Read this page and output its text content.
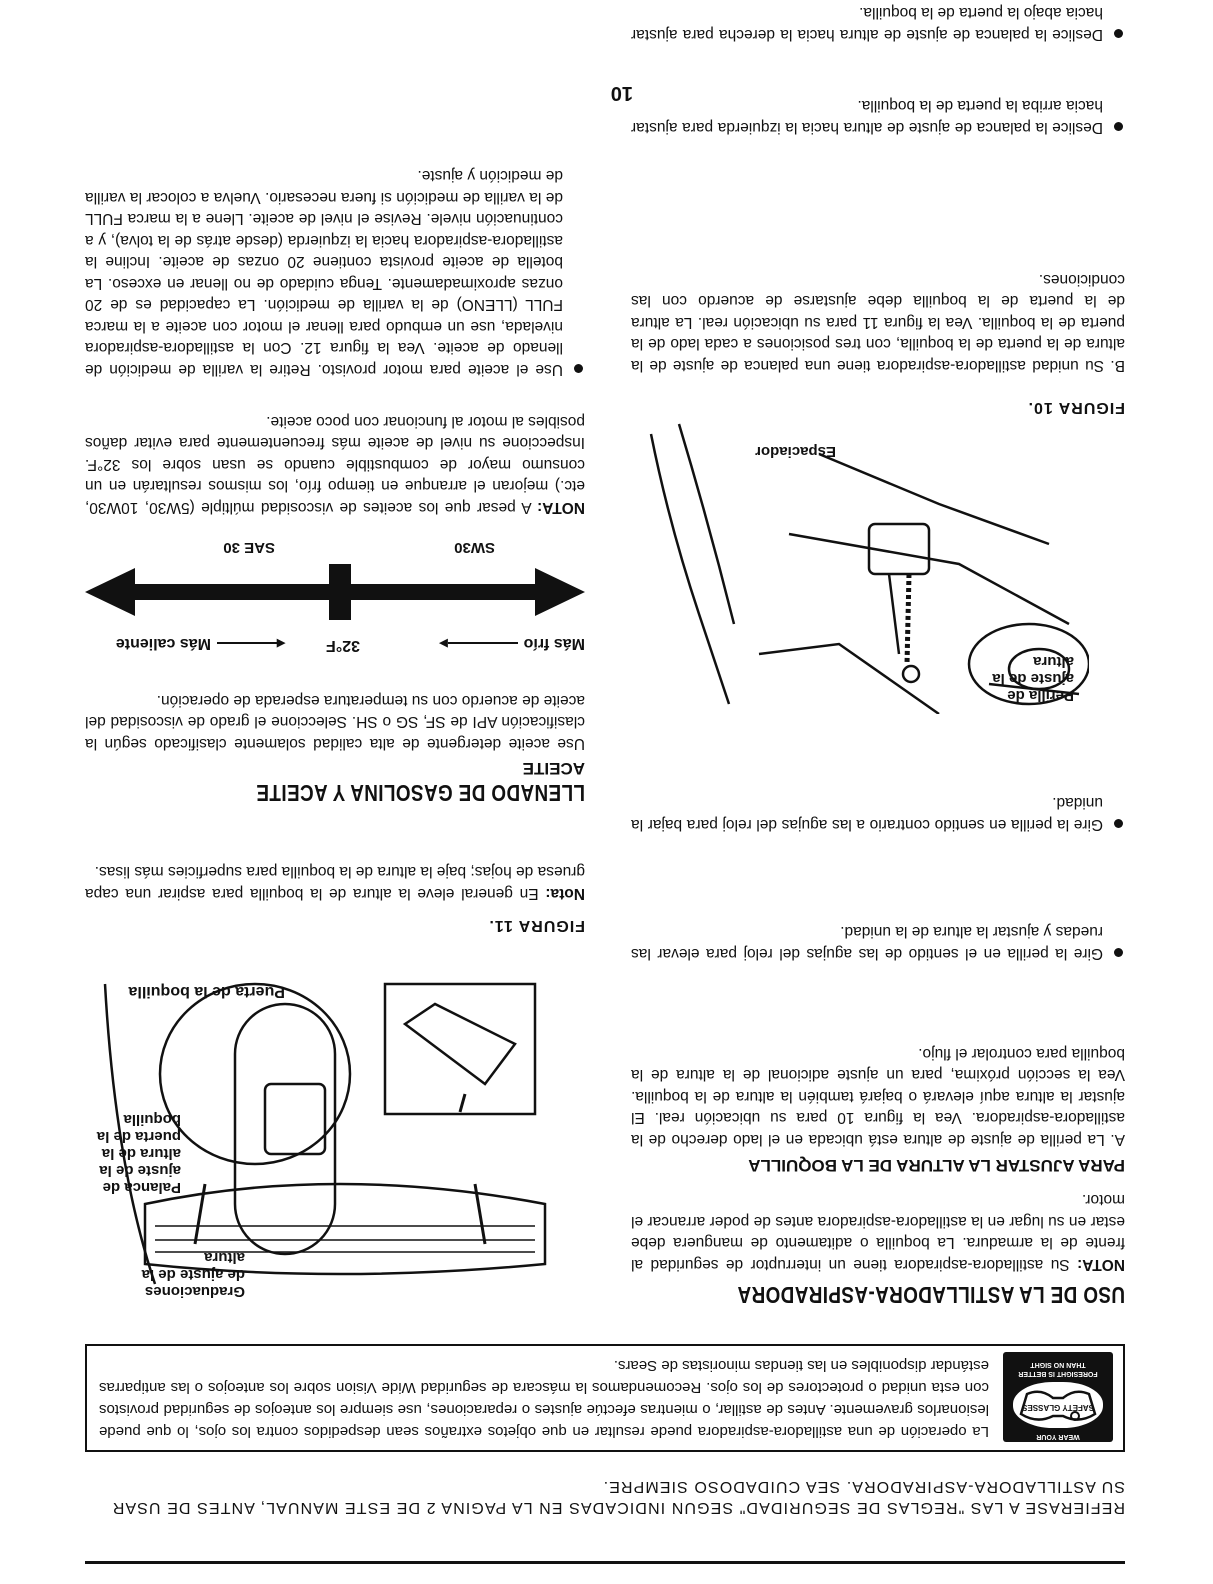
REFIERASE A LAS "REGLAS DE SEGURIDAD" SEGUN INDICADAS EN LA PAGINA 2 DE ESTE MANUAL, ANTES DE USAR SU ASTILLADORA-ASPIRADORA. SEA CUIDADOSO SIEMPRE.
WEAR YOUR
SAFETY GLASSES
FORESIGHT IS BETTER THAN NO SIGHT
La operación de una astilladora-aspiradora puede resultar en que objetos extraños sean despedidos contra los ojos, lo que puede lesionarlos gravemente. Antes de astillar, o mientras efectúe ajustes o reparaciones, use siempre los anteojos de seguridad provistos con esta unidad o protectores de los ojos. Recomendamos la máscara de seguridad Wide Vision sobre los anteojos o las antiparras estándar disponibles en las tiendas minoristas de Sears.
USO DE LA ASTILLADORA-ASPIRADORA

NOTA: Su astilladora-aspiradora tiene un interruptor de seguridad al frente de la armadura. La boquilla o aditamento de manguera debe estar en su lugar en la astilladora-aspiradora antes de poder arrancar el motor.

PARA AJUSTAR LA ALTURA DE LA BOQUILLA

A. La perilla de ajuste de altura está ubicada en el lado derecho de la astilladora-aspiradora. Vea la figura 10 para su ubicación real. El ajustar la altura aquí elevará o bajará también la altura de la boquilla. Vea la sección próxima, para un ajuste adicional de la altura de la boquilla para controlar el flujo.

Gire la perilla en el sentido de las agujas del reloj para elevar las ruedas y ajustar la altura de la unidad.

Gire la perilla en sentido contrario a las agujas del reloj para bajar la unidad.

Perilla de ajuste de la altura
Espaciador
FIGURA 10.

B. Su unidad astilladora-aspiradora tiene una palanca de ajuste de la altura de la puerta de la boquilla, con tres posiciones a cada lado de la puerta de la boquilla. Vea la figura 11 para su ubicación real. La altura de la puerta de la boquilla debe ajustarse de acuerdo con las condiciones.

Deslice la palanca de ajuste de altura hacia la izquierda para ajustar hacia arriba la puerta de la boquilla.

Deslice la palanca de ajuste de altura hacia la derecha para ajustar hacia abajo la puerta de la boquilla.

10
Graduaciones de ajuste de la altura
Palanca de ajuste de la altura de la puerta de la boquilla
Puerta de la boquilla
FIGURA 11.

Nota: En general eleve la altura de la boquilla para aspirar una capa gruesa de hojas; baje la altura de la boquilla para superficies más lisas.

LLENADO DE GASOLINA Y ACEITE

ACEITE

Use aceite detergente de alta calidad solamente clasificado según la clasificación API de SF, SG o SH. Seleccione el grado de viscosidad del aceite de acuerdo con su temperatura esperada de operación.

Más frío▸
32°F
◂Más caliente
SW30
SAE 30

NOTA: A pesar que los aceites de viscosidad múltiple (5W30, 10W30, etc.) mejoran el arranque en tiempo frío, los mismos resultarán en un consumo mayor de combustible cuando se usan sobre los 32°F. Inspeccione su nivel de aceite más frecuentemente para evitar daños posibles al motor al funcionar con poco aceite.

Use el aceite para motor provisto. Retire la varilla de medición de llenado de aceite. Vea la figura 12. Con la astilladora-aspiradora nivelada, use un embudo para llenar el motor con aceite a la marca FULL (LLENO) de la varilla de medición. La capacidad es de 20 onzas aproximadamente. Tenga cuidado de no llenar en exceso. La botella de aceite provista contiene 20 onzas de aceite. Incline la astilladora-aspiradora hacia la izquierda (desde atrás de la tolva), y a continuación nivele. Revise el nivel de aceite. Llene a la marca FULL de la varilla de medición si fuera necesario. Vuelva a colocar la varilla de medición y ajuste.
